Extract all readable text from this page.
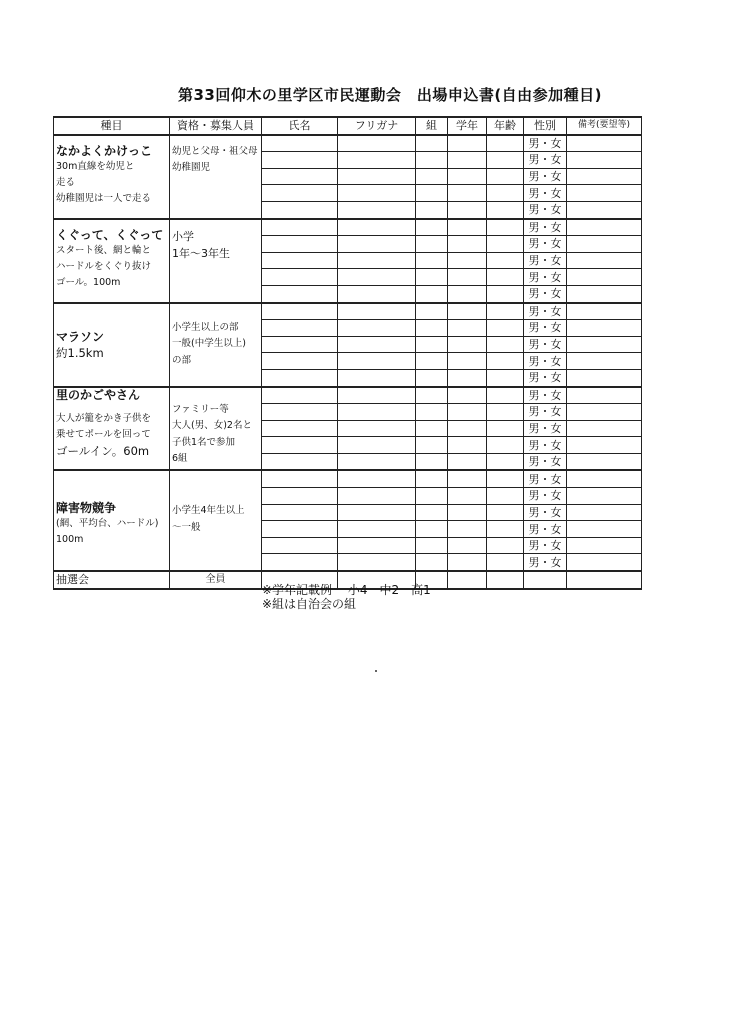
第33回仰木の里学区市民運動会　出場申込書(自由参加種目)
種目	資格・募集人員	氏名	フリガナ	組	学年	年齢	性別	備考(要望等)

なかよくかけっこ
30m直線を幼児と
走る
幼稚園児は一人で走る	幼児と父母・祖父母
幼稚園児						男・女	
							男・女	
							男・女	
							男・女	
							男・女	

くぐって、くぐって
スタート後、網と輪と
ハードルをくぐり抜け
ゴール。100m	小学
1年～3年生						男・女	
							男・女	
							男・女	
							男・女	
							男・女	

マラソン
約1.5km	小学生以上の部
一般(中学生以上)
の部						男・女	
							男・女	
							男・女	
							男・女	
							男・女	

里のかごやさん
大人が籠をかき子供を
乗せてポールを回って
ゴールイン。60m	ファミリー等
大人(男、女)2名と
子供1名で参加
6組						男・女	
							男・女	
							男・女	
							男・女	
							男・女	

障害物競争
(網、平均台、ハードル)
100m	小学生4年生以上
～一般						男・女	
							男・女	
							男・女	
							男・女	
							男・女	
							男・女	
抽選会	全員							
※学年記載例　 小4　中2　高1
※組は自治会の組
